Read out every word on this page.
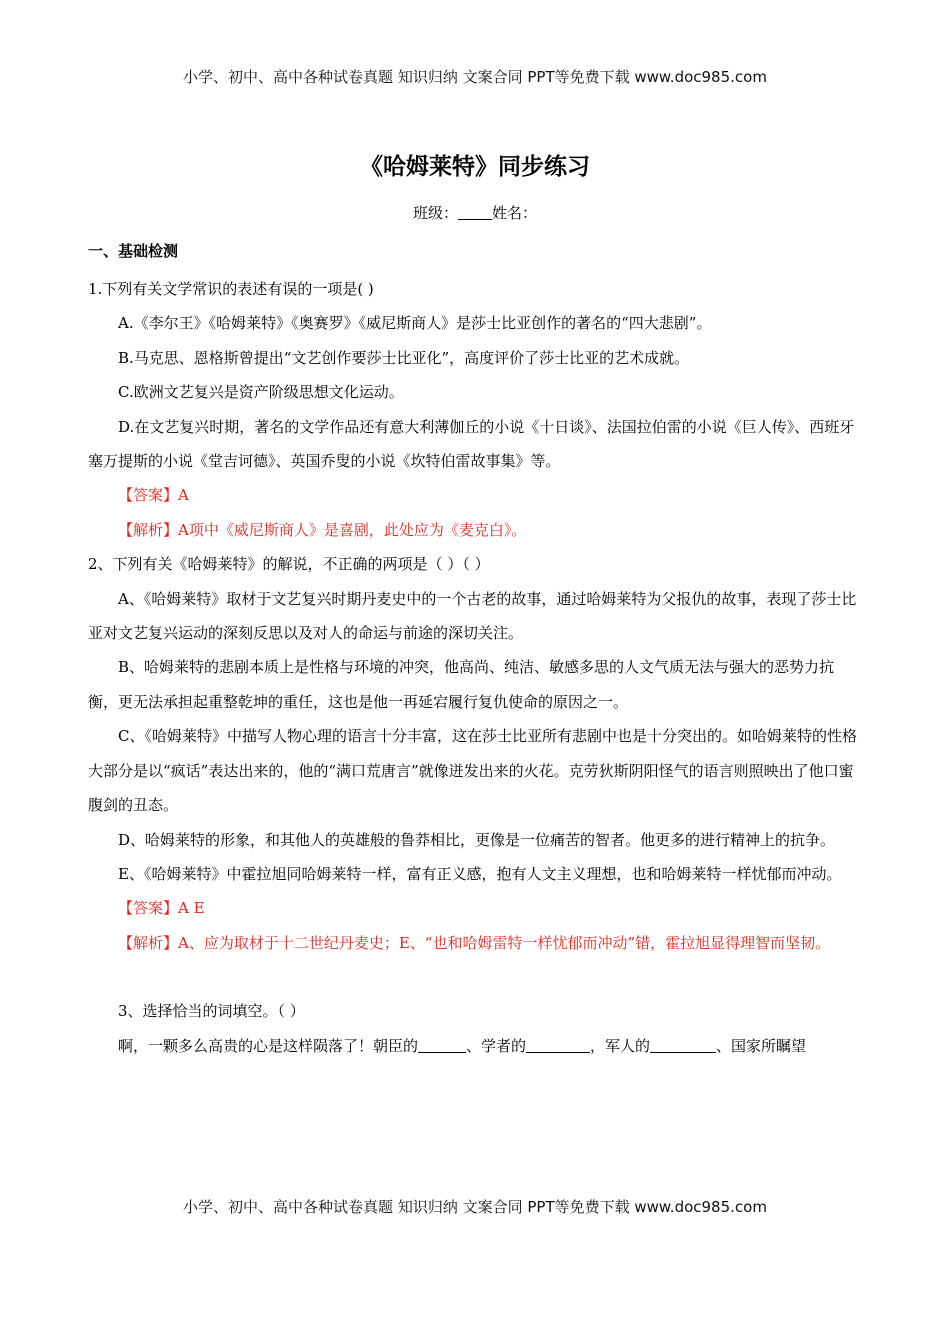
小学、初中、高中各种试卷真题 知识归纳 文案合同 PPT等免费下载 www.doc985.com
《哈姆莱特》同步练习
班级： 姓名：
一、基础检测

1.下列有关文学常识的表述有误的一项是( )

A.《李尔王》《哈姆莱特》《奥赛罗》《威尼斯商人》是莎士比亚创作的著名的“四大悲剧”。

B.马克思、恩格斯曾提出“文艺创作要莎士比亚化”，高度评价了莎士比亚的艺术成就。

C.欧洲文艺复兴是资产阶级思想文化运动。

D.在文艺复兴时期，著名的文学作品还有意大利薄伽丘的小说《十日谈》、法国拉伯雷的小说《巨人传》、西班牙塞万提斯的小说《堂吉诃德》、英国乔叟的小说《坎特伯雷故事集》等。

【答案】A

【解析】A项中《威尼斯商人》是喜剧，此处应为《麦克白》。

2、下列有关《哈姆莱特》的解说，不正确的两项是（ ）（ ）

A、《哈姆莱特》取材于文艺复兴时期丹麦史中的一个古老的故事，通过哈姆莱特为父报仇的故事，表现了莎士比亚对文艺复兴运动的深刻反思以及对人的命运与前途的深切关注。

B、哈姆莱特的悲剧本质上是性格与环境的冲突，他高尚、纯洁、敏感多思的人文气质无法与强大的恶势力抗衡，更无法承担起重整乾坤的重任，这也是他一再延宕履行复仇使命的原因之一。

C、《哈姆莱特》中描写人物心理的语言十分丰富，这在莎士比亚所有悲剧中也是十分突出的。如哈姆莱特的性格大部分是以“疯话”表达出来的，他的“满口荒唐言”就像迸发出来的火花。克劳狄斯阴阳怪气的语言则照映出了他口蜜腹剑的丑态。

D、哈姆莱特的形象，和其他人的英雄般的鲁莽相比，更像是一位痛苦的智者。他更多的进行精神上的抗争。

E、《哈姆莱特》中霍拉旭同哈姆莱特一样，富有正义感，抱有人文主义理想，也和哈姆莱特一样忧郁而冲动。

【答案】A E

【解析】A、应为取材于十二世纪丹麦史；E、“也和哈姆雷特一样忧郁而冲动”错，霍拉旭显得理智而坚韧。

3、选择恰当的词填空。（ ）

啊，一颗多么高贵的心是这样陨落了！朝臣的	、学者的	，军人的	、国家所瞩望

小学、初中、高中各种试卷真题 知识归纳 文案合同 PPT等免费下载 www.doc985.com
